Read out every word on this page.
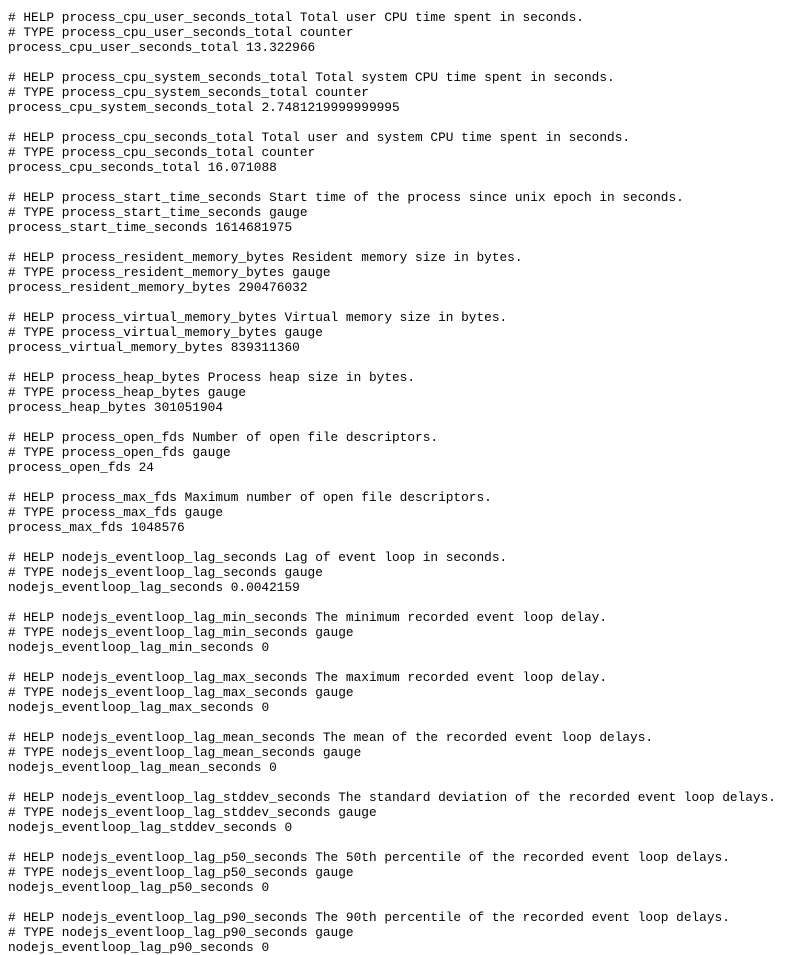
# HELP process_cpu_user_seconds_total Total user CPU time spent in seconds.
# TYPE process_cpu_user_seconds_total counter
process_cpu_user_seconds_total 13.322966
# HELP process_cpu_system_seconds_total Total system CPU time spent in seconds.
# TYPE process_cpu_system_seconds_total counter
process_cpu_system_seconds_total 2.7481219999999995
# HELP process_cpu_seconds_total Total user and system CPU time spent in seconds.
# TYPE process_cpu_seconds_total counter
process_cpu_seconds_total 16.071088
# HELP process_start_time_seconds Start time of the process since unix epoch in seconds.
# TYPE process_start_time_seconds gauge
process_start_time_seconds 1614681975
# HELP process_resident_memory_bytes Resident memory size in bytes.
# TYPE process_resident_memory_bytes gauge
process_resident_memory_bytes 290476032
# HELP process_virtual_memory_bytes Virtual memory size in bytes.
# TYPE process_virtual_memory_bytes gauge
process_virtual_memory_bytes 839311360
# HELP process_heap_bytes Process heap size in bytes.
# TYPE process_heap_bytes gauge
process_heap_bytes 301051904
# HELP process_open_fds Number of open file descriptors.
# TYPE process_open_fds gauge
process_open_fds 24
# HELP process_max_fds Maximum number of open file descriptors.
# TYPE process_max_fds gauge
process_max_fds 1048576
# HELP nodejs_eventloop_lag_seconds Lag of event loop in seconds.
# TYPE nodejs_eventloop_lag_seconds gauge
nodejs_eventloop_lag_seconds 0.0042159
# HELP nodejs_eventloop_lag_min_seconds The minimum recorded event loop delay.
# TYPE nodejs_eventloop_lag_min_seconds gauge
nodejs_eventloop_lag_min_seconds 0
# HELP nodejs_eventloop_lag_max_seconds The maximum recorded event loop delay.
# TYPE nodejs_eventloop_lag_max_seconds gauge
nodejs_eventloop_lag_max_seconds 0
# HELP nodejs_eventloop_lag_mean_seconds The mean of the recorded event loop delays.
# TYPE nodejs_eventloop_lag_mean_seconds gauge
nodejs_eventloop_lag_mean_seconds 0
# HELP nodejs_eventloop_lag_stddev_seconds The standard deviation of the recorded event loop delays.
# TYPE nodejs_eventloop_lag_stddev_seconds gauge
nodejs_eventloop_lag_stddev_seconds 0
# HELP nodejs_eventloop_lag_p50_seconds The 50th percentile of the recorded event loop delays.
# TYPE nodejs_eventloop_lag_p50_seconds gauge
nodejs_eventloop_lag_p50_seconds 0
# HELP nodejs_eventloop_lag_p90_seconds The 90th percentile of the recorded event loop delays.
# TYPE nodejs_eventloop_lag_p90_seconds gauge
nodejs_eventloop_lag_p90_seconds 0
